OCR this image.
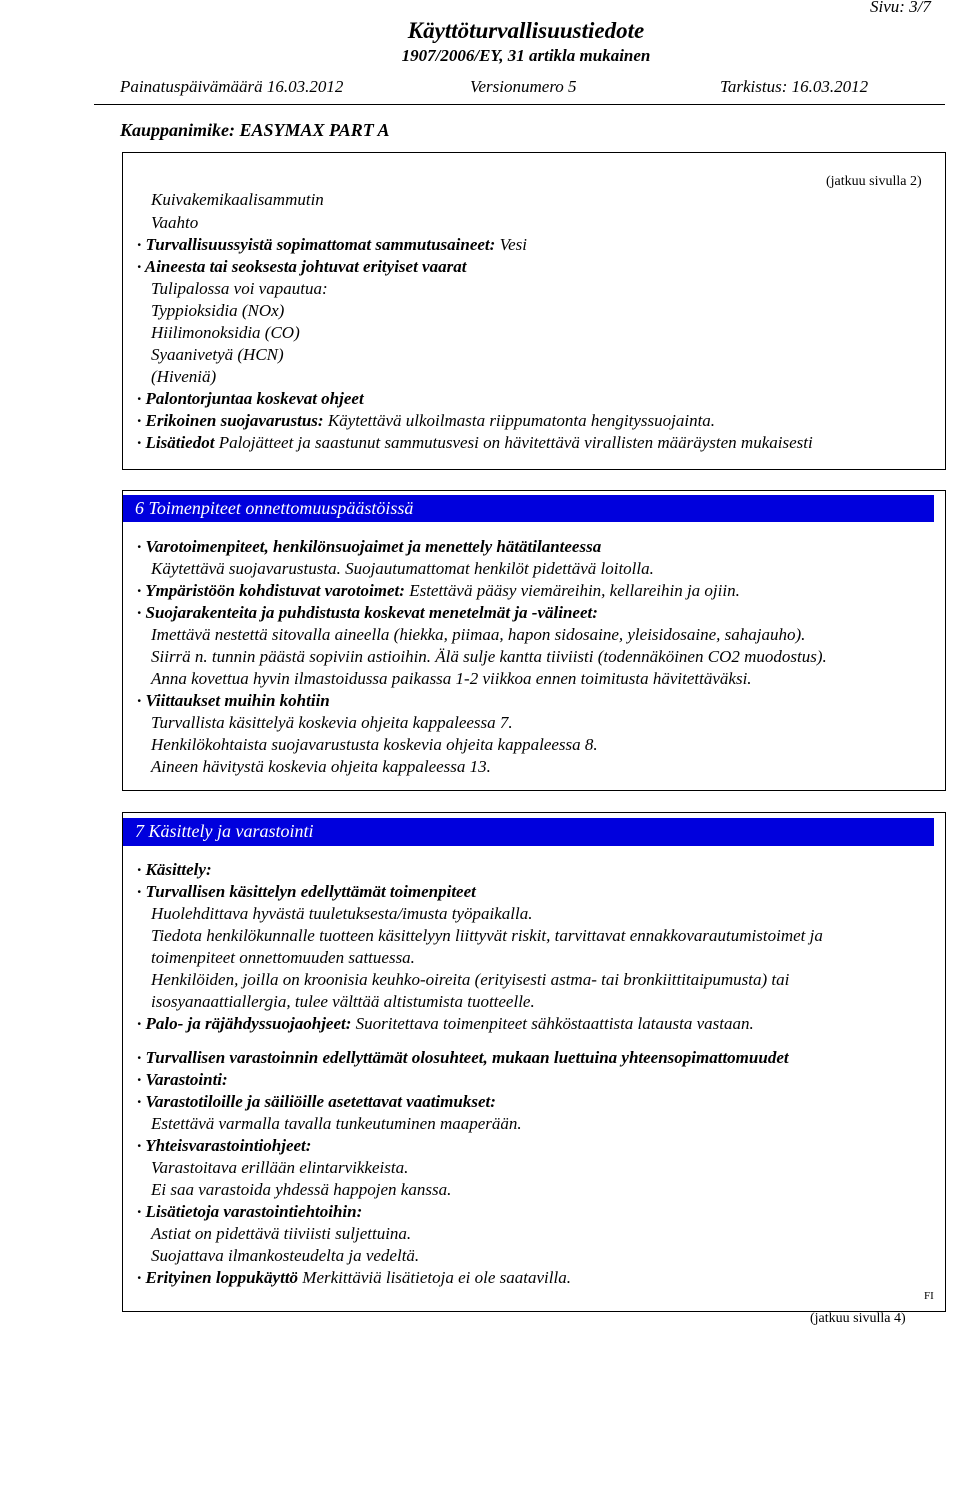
Sivu: 3/7
Käyttöturvallisuustiedote
1907/2006/EY, 31 artikla mukainen
Painatuspäivämäärä 16.03.2012	Versionumero 5	Tarkistus: 16.03.2012
Kauppanimike: EASYMAX PART A
(jatkuu sivulla 2)
Kuivakemikaalisammutin
Vaahto
· Turvallisuussyistä sopimattomat sammutusaineet: Vesi
· Aineesta tai seoksesta johtuvat erityiset vaarat
Tulipalossa voi vapautua:
Typpioksidia (NOx)
Hiilimonoksidia (CO)
Syaanivetyä (HCN)
(Hiveniä)
· Palontorjuntaa koskevat ohjeet
· Erikoinen suojavarustus: Käytettävä ulkoilmasta riippumatonta hengityssuojainta.
· Lisätiedot Palojätteet ja saastunut sammutusvesi on hävitettävä virallisten määräysten mukaisesti
6 Toimenpiteet onnettomuuspäästöissä
· Varotoimenpiteet, henkilönsuojaimet ja menettely hätätilanteessa
Käytettävä suojavarustusta. Suojautumattomat henkilöt pidettävä loitolla.
· Ympäristöön kohdistuvat varotoimet: Estettävä pääsy viemäreihin, kellareihin ja ojiin.
· Suojarakenteita ja puhdistusta koskevat menetelmät ja -välineet:
Imettävä nestettä sitovalla aineella (hiekka, piimaa, hapon sidosaine, yleisidosaine, sahajauho).
Siirrä n. tunnin päästä sopiviin astioihin. Älä sulje kantta tiiviisti (todennäköinen CO2 muodostus).
Anna kovettua hyvin ilmastoidussa paikassa 1-2 viikkoa ennen toimitusta hävitettäväksi.
· Viittaukset muihin kohtiin
Turvallista käsittelyä koskevia ohjeita kappaleessa 7.
Henkilökohtaista suojavarustusta koskevia ohjeita kappaleessa 8.
Aineen hävitystä koskevia ohjeita kappaleessa 13.
7 Käsittely ja varastointi
· Käsittely:
· Turvallisen käsittelyn edellyttämät toimenpiteet
Huolehdittava hyvästä tuuletuksesta/imusta työpaikalla.
Tiedota henkilökunnalle tuotteen käsittelyyn liittyvät riskit, tarvittavat ennakkovarautumistoimet ja
toimenpiteet onnettomuuden sattuessa.
Henkilöiden, joilla on kroonisia keuhko-oireita (erityisesti astma- tai bronkiittitaipumusta) tai
isosyanaattiallergia, tulee välttää altistumista tuotteelle.
· Palo- ja räjähdyssuojaohjeet: Suoritettava toimenpiteet sähköstaattista latausta vastaan.
· Turvallisen varastoinnin edellyttämät olosuhteet, mukaan luettuina yhteensopimattomuudet
· Varastointi:
· Varastotiloille ja säiliöille asetettavat vaatimukset:
Estettävä varmalla tavalla tunkeutuminen maaperään.
· Yhteisvarastointiohjeet:
Varastoitava erillään elintarvikkeista.
Ei saa varastoida yhdessä happojen kanssa.
· Lisätietoja varastointiehtoihin:
Astiat on pidettävä tiiviisti suljettuina.
Suojattava ilmankosteudelta ja vedeltä.
· Erityinen loppukäyttö Merkittäviä lisätietoja ei ole saatavilla.
FI
(jatkuu sivulla 4)
